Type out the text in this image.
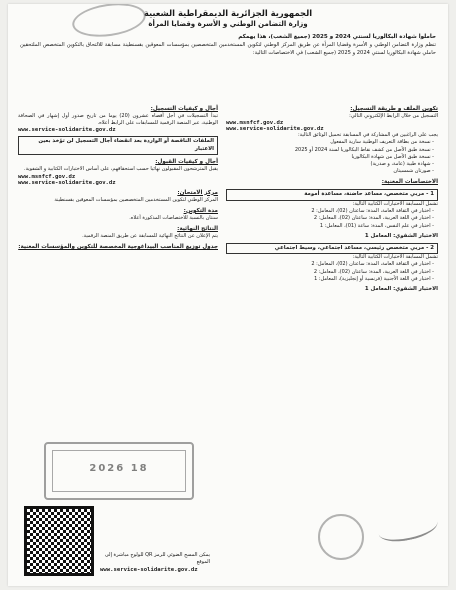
الجمهورية الجزائرية الديمقراطية الشعبية
وزارة التضامن الوطني و الأسرة وقضايا المرأة
حاملوا شهادة البكالوريا لسنتي 2024 و 2025 (جميع الشعب)، هذا يهمكم
تنظم وزارة التضامن الوطني و الأسرة وقضايا المرأة عن طريق المركز الوطني لتكوين المستخدمين المتخصصين بمؤسسات المعوقين بقسنطينة مسابقة للالتحاق بالتكوين المتخصص الملتحقين حاملي شهادة البكالوريا لسنتي 2024 و 2025 (جميع الشعب) في الاختصاصات التالية:
تكوين الملف و طريقة التسجيل:
التسجيل من خلال الرابط الإلكتروني التالي:
www.msnfcf.gov.dz
www.service-solidarite.gov.dz
يجب على الراغبين في المشاركة في المسابقة تحميل الوثائق التالية:
- نسخة من بطاقة التعريف الوطنية سارية المفعول
- نسخة طبق الأصل من كشف نقاط البكالوريا لسنة 2024 أو 2025
- نسخة طبق الأصل من شهادة البكالوريا
- شهادة طبية (عامة، و صدرية)
- صورتان شمسيتان
الاختصاصات المعنية:
1 - مربي متخصص، مساعد حاضنة، مساعدة أمومة
تشمل المسابقة الاختبارات الكتابية التالية:
- اختبار في الثقافة العامة، المدة: ساعتان (02)، المعامل: 2
- اختبار في اللغة العربية، المدة: ساعتان (02)، المعامل: 2
- اختبار في علم النفس، المدة: ساعة (01)، المعامل: 1
الاختبار الشفوي: المعامل 1
2 - مربي متخصص رئيسي، مساعد اجتماعي، وسيط اجتماعي
تشمل المسابقة الاختبارات الكتابية التالية:
- اختبار في الثقافة العامة، المدة: ساعتان (02)، المعامل: 2
- اختبار في اللغة العربية، المدة: ساعتان (02)، المعامل: 2
- اختبار في اللغة الأجنبية (فرنسية أو إنجليزية)، المعامل: 1
الاختبار الشفوي: المعامل 1
أجال و كيفيات التسجيل:
تبدأ التسجيلات في أجل أقصاه عشرون (20) يوما من تاريخ صدور أول إشهار في الصحافة الوطنية، عبر المنصة الرقمية للمسابقات على الرابط أعلاه.
www.service-solidarite.gov.dz
الملفات الناقصة أو الواردة بعد انقضاء آجال التسجيل لن تؤخذ بعين الاعتبار
أجال و كيفيات القبول:
يقبل المترشحون المقبولون نهائيا حسب استحقاقهم، على أساس الاختبارات الكتابية و الشفوية.
www.msnfcf.gov.dz
www.service-solidarite.gov.dz
مركز الامتحان:
المركز الوطني لتكوين المستخدمين المتخصصين بمؤسسات المعوقين بقسنطينة
مدة التكوين:
سنتان بالنسبة للاختصاصات المذكورة أعلاه.
النتائج النهائية:
يتم الإعلان عن النتائج النهائية للمسابقة عن طريق المنصة الرقمية.
جدول توزيع المناصب البيداغوجية المخصصة للتكوين والمؤسسات المعنية:
2026 18
يمكن المسح الضوئي للرمز QR للولوج مباشرة إلى الموقع
www.service-solidarite.gov.dz
